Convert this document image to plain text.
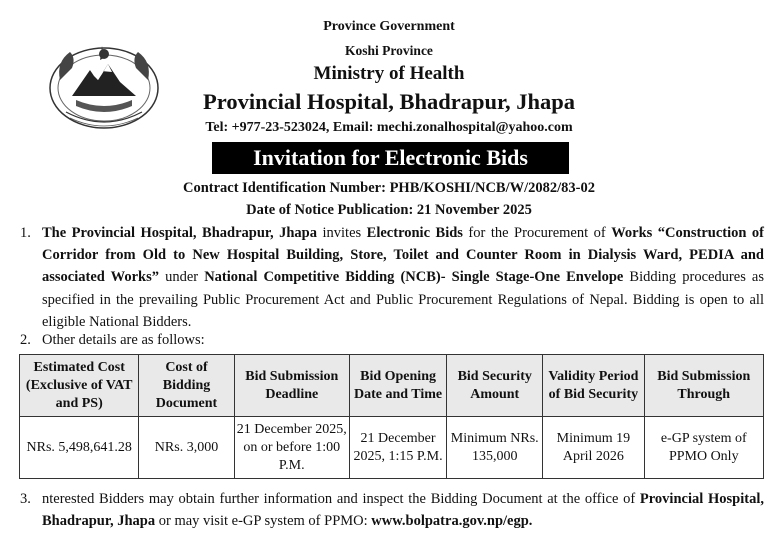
Province Government
Koshi Province
Ministry of Health
Provincial Hospital, Bhadrapur, Jhapa
Tel: +977-23-523024, Email: mechi.zonalhospital@yahoo.com
Invitation for Electronic Bids
Contract Identification Number: PHB/KOSHI/NCB/W/2082/83-02
Date of Notice Publication: 21 November 2025
1. The Provincial Hospital, Bhadrapur, Jhapa invites Electronic Bids for the Procurement of Works “Construction of Corridor from Old to New Hospital Building, Store, Toilet and Counter Room in Dialysis Ward, PEDIA and associated Works” under National Competitive Bidding (NCB)- Single Stage-One Envelope Bidding procedures as specified in the prevailing Public Procurement Act and Public Procurement Regulations of Nepal. Bidding is open to all eligible National Bidders.
2. Other details are as follows:
Estimated Cost (Exclusive of VAT and PS)	Cost of Bidding Document	Bid Submission Deadline	Bid Opening Date and Time	Bid Security Amount	Validity Period of Bid Security	Bid Submission Through
NRs. 5,498,641.28	NRs. 3,000	21 December 2025, on or before 1:00 P.M.	21 December 2025, 1:15 P.M.	Minimum NRs. 135,000	Minimum 19 April 2026	e-GP system of PPMO Only
3. nterested Bidders may obtain further information and inspect the Bidding Document at the office of Provincial Hospital, Bhadrapur, Jhapa or may visit e-GP system of PPMO: www.bolpatra.gov.np/egp.
